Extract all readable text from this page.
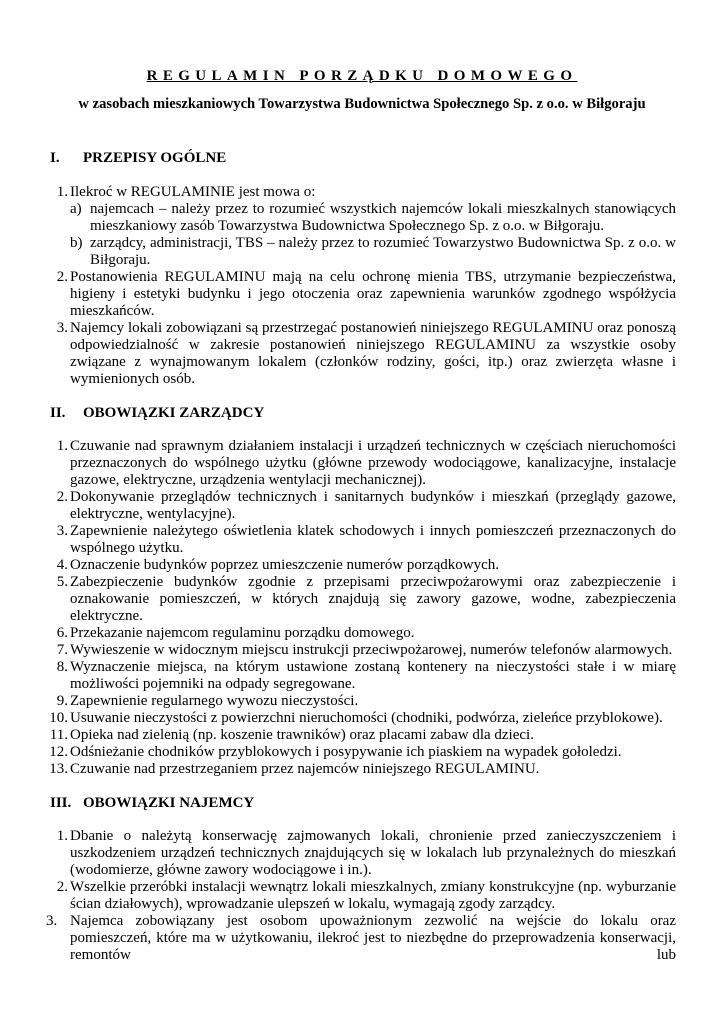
REGULAMIN PORZĄDKU DOMOWEGO
w zasobach mieszkaniowych Towarzystwa Budownictwa Społecznego Sp. z o.o. w Biłgoraju
I. PRZEPISY OGÓLNE
1. Ilekroć w REGULAMINIE jest mowa o:
a) najemcach – należy przez to rozumieć wszystkich najemców lokali mieszkalnych stanowiących mieszkaniowy zasób Towarzystwa Budownictwa Społecznego Sp. z o.o. w Biłgoraju.
b) zarządcy, administracji, TBS – należy przez to rozumieć Towarzystwo Budownictwa Sp. z o.o. w Biłgoraju.
2. Postanowienia REGULAMINU mają na celu ochronę mienia TBS, utrzymanie bezpieczeństwa, higieny i estetyki budynku i jego otoczenia oraz zapewnienia warunków zgodnego współżycia mieszkańców.
3. Najemcy lokali zobowiązani są przestrzegać postanowień niniejszego REGULAMINU oraz ponoszą odpowiedzialność w zakresie postanowień niniejszego REGULAMINU za wszystkie osoby związane z wynajmowanym lokalem (członków rodziny, gości, itp.) oraz zwierzęta własne i wymienionych osób.
II. OBOWIĄZKI ZARZĄDCY
1. Czuwanie nad sprawnym działaniem instalacji i urządzeń technicznych w częściach nieruchomości przeznaczonych do wspólnego użytku (główne przewody wodociągowe, kanalizacyjne, instalacje gazowe, elektryczne, urządzenia wentylacji mechanicznej).
2. Dokonywanie przeglądów technicznych i sanitarnych budynków i mieszkań (przeglądy gazowe, elektryczne, wentylacyjne).
3. Zapewnienie należytego oświetlenia klatek schodowych i innych pomieszczeń przeznaczonych do wspólnego użytku.
4. Oznaczenie budynków poprzez umieszczenie numerów porządkowych.
5. Zabezpieczenie budynków zgodnie z przepisami przeciwpożarowymi oraz zabezpieczenie i oznakowanie pomieszczeń, w których znajdują się zawory gazowe, wodne, zabezpieczenia elektryczne.
6. Przekazanie najemcom regulaminu porządku domowego.
7. Wywieszenie w widocznym miejscu instrukcji przeciwpożarowej, numerów telefonów alarmowych.
8. Wyznaczenie miejsca, na którym ustawione zostaną kontenery na nieczystości stałe i w miarę możliwości pojemniki na odpady segregowane.
9. Zapewnienie regularnego wywozu nieczystości.
10. Usuwanie nieczystości z powierzchni nieruchomości (chodniki, podwórza, zieleńce przyblokowe).
11. Opieka nad zielenią (np. koszenie trawników) oraz placami zabaw dla dzieci.
12. Odśnieżanie chodników przyblokowych i posypywanie ich piaskiem na wypadek gołoledzi.
13. Czuwanie nad przestrzeganiem przez najemców niniejszego REGULAMINU.
III. OBOWIĄZKI NAJEMCY
1. Dbanie o należytą konserwację zajmowanych lokali, chronienie przed zanieczyszczeniem i uszkodzeniem urządzeń technicznych znajdujących się w lokalach lub przynależnych do mieszkań (wodomierze, główne zawory wodociągowe i in.).
2. Wszelkie przeróbki instalacji wewnątrz lokali mieszkalnych, zmiany konstrukcyjne (np. wyburzanie ścian działowych), wprowadzanie ulepszeń w lokalu, wymagają zgody zarządcy.
3. Najemca zobowiązany jest osobom upoważnionym zezwolić na wejście do lokalu oraz pomieszczeń, które ma w użytkowaniu, ilekroć jest to niezbędne do przeprowadzenia konserwacji, remontów lub
